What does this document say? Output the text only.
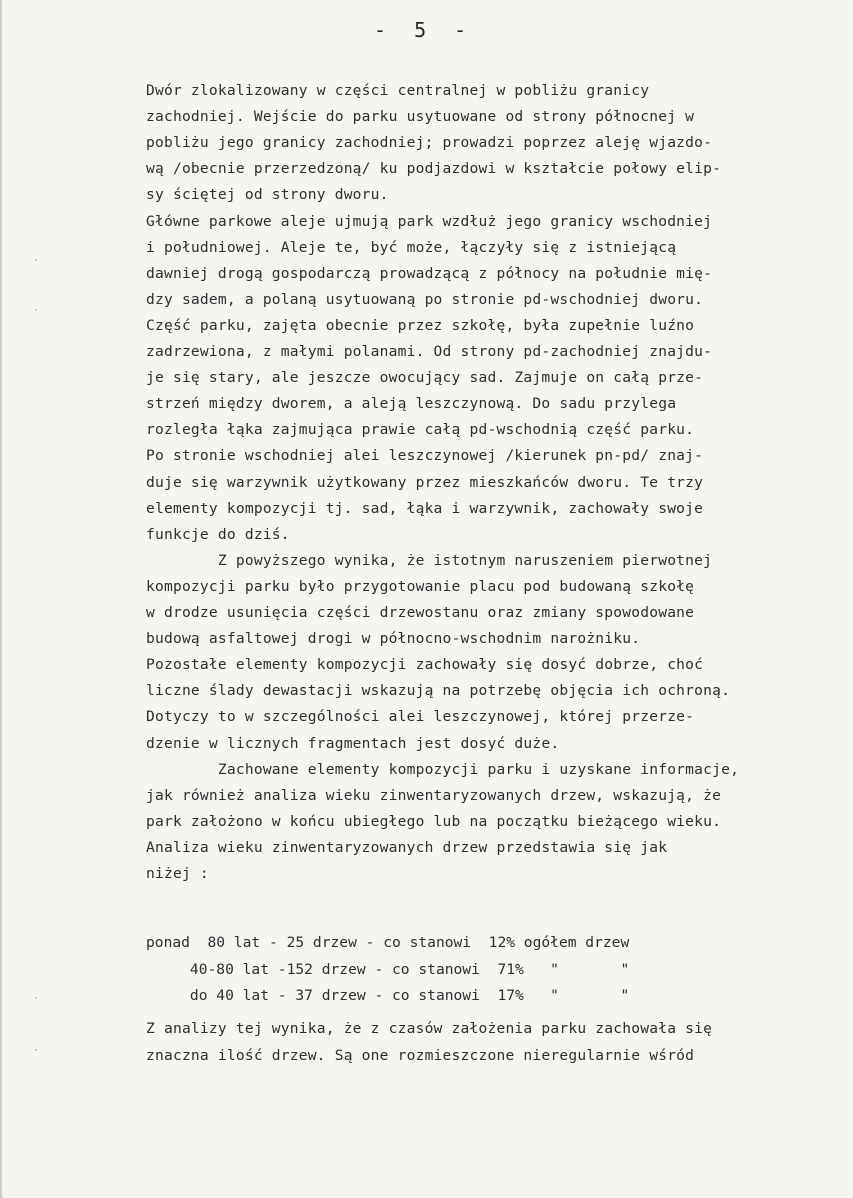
- 5 -
Dwór zlokalizowany w części centralnej w pobliżu granicy
zachodniej. Wejście do parku usytuowane od strony północnej w
pobliżu jego granicy zachodniej; prowadzi poprzez aleję wjazdo-
wą /obecnie przerzedzoną/ ku podjazdowi w kształcie połowy elip-
sy ściętej od strony dworu.
Główne parkowe aleje ujmują park wzdłuż jego granicy wschodniej
i południowej. Aleje te, być może, łączyły się z istniejącą
dawniej drogą gospodarczą prowadzącą z północy na południe mię-
dzy sadem, a polaną usytuowaną po stronie pd-wschodniej dworu.
Część parku, zajęta obecnie przez szkołę, była zupełnie luźno
zadrzewiona, z małymi polanami. Od strony pd-zachodniej znajdu-
je się stary, ale jeszcze owocujący sad. Zajmuje on całą prze-
strzeń między dworem, a aleją leszczynową. Do sadu przylega
rozległa łąka zajmująca prawie całą pd-wschodnią część parku.
Po stronie wschodniej alei leszczynowej /kierunek pn-pd/ znaj-
duje się warzywnik użytkowany przez mieszkańców dworu. Te trzy
elementy kompozycji tj. sad, łąka i warzywnik, zachowały swoje
funkcje do dziś.
Z powyższego wynika, że istotnym naruszeniem pierwotnej
kompozycji parku było przygotowanie placu pod budowaną szkołę
w drodze usunięcia części drzewostanu oraz zmiany spowodowane
budową asfaltowej drogi w północno-wschodnim narożniku.
Pozostałe elementy kompozycji zachowały się dosyć dobrze, choć
liczne ślady dewastacji wskazują na potrzebę objęcia ich ochroną.
Dotyczy to w szczególności alei leszczynowej, której przerze-
dzenie w licznych fragmentach jest dosyć duże.
Zachowane elementy kompozycji parku i uzyskane informacje,
jak również analiza wieku zinwentaryzowanych drzew, wskazują, że
park założono w końcu ubiegłego lub na początku bieżącego wieku.
Analiza wieku zinwentaryzowanych drzew przedstawia się jak
niżej :
ponad  80 lat - 25 drzew - co stanowi  12% ogółem drzew
40-80 lat -152 drzew - co stanowi  71%   "       "
do 40 lat - 37 drzew - co stanowi  17%   "       "
Z analizy tej wynika, że z czasów założenia parku zachowała się
znaczna ilość drzew. Są one rozmieszczone nieregularnie wśród
·
·
·
·
